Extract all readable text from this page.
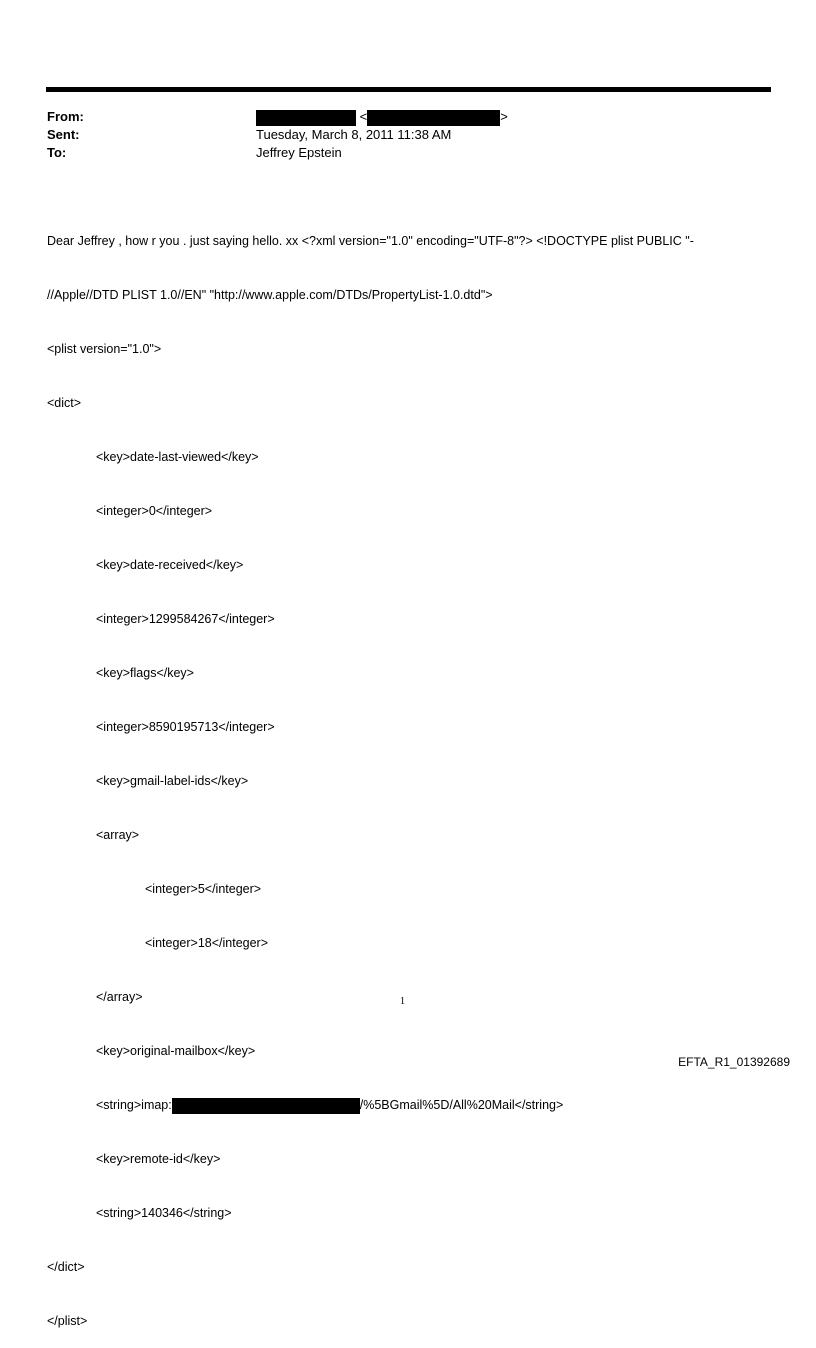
From:
Sent:
To:
<	>
Tuesday, March 8, 2011 11:38 AM
Jeffrey Epstein

Dear Jeffrey , how r you . just saying hello. xx <?xml version="1.0" encoding="UTF-8"?> <!DOCTYPE plist PUBLIC "-

//Apple//DTD PLIST 1.0//EN" "http://www.apple.com/DTDs/PropertyList-1.0.dtd">

<plist version="1.0">

<dict>

<key>date-last-viewed</key>

<integer>0</integer>

<key>date-received</key>

<integer>1299584267</integer>

<key>flags</key>

<integer>8590195713</integer>

<key>gmail-label-ids</key>

<array>

<integer>5</integer>

<integer>18</integer>

</array>

<key>original-mailbox</key>

<string>imap:	/%5BGmail%5D/All%20Mail</string>

<key>remote-id</key>

<string>140346</string>

</dict>

</plist>

1
EFTA_R1_01392689
